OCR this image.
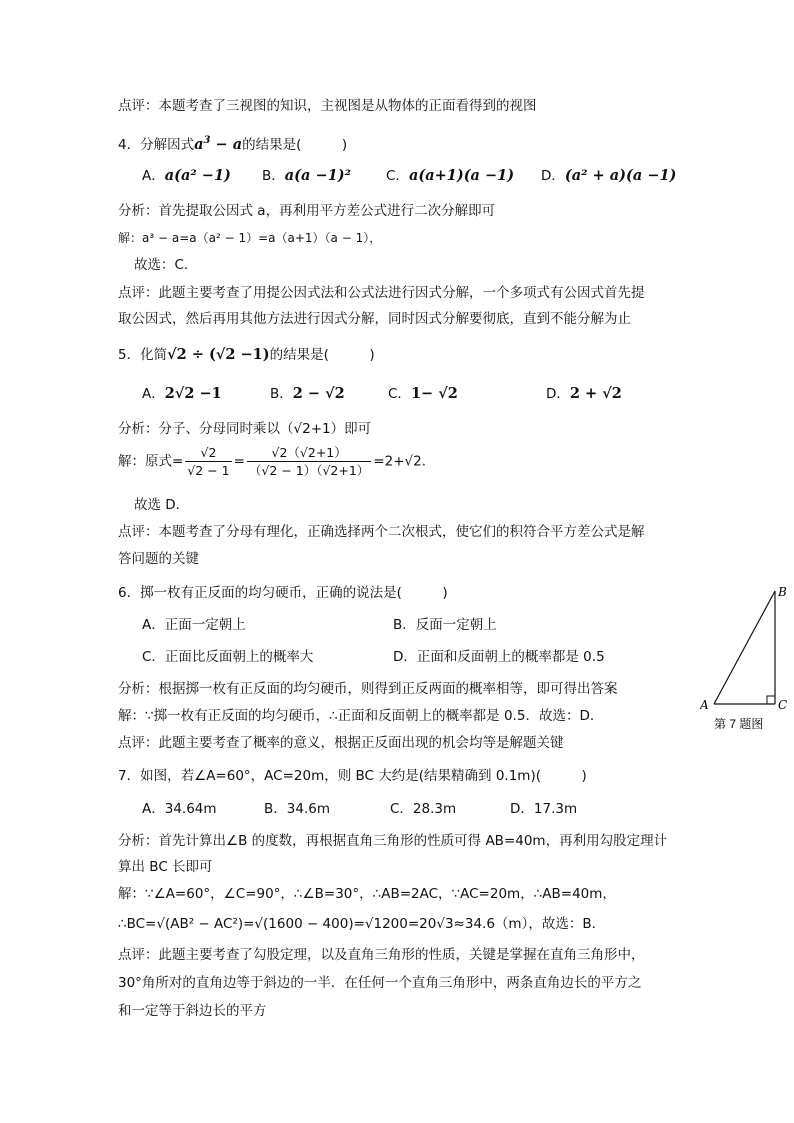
点评：本题考查了三视图的知识，主视图是从物体的正面看得到的视图
4．分解因式$a^3 - a$的结果是(　　　)
A．a(a² −1) B．a(a −1)²	C．a(a+1)(a −1) D．(a² + a)(a −1)
分析：首先提取公因式 a，再利用平方差公式进行二次分解即可
解：a³ − a=a（a² − 1）=a（a+1）（a − 1），
故选：C．
点评：此题主要考查了用提公因式法和公式法进行因式分解，一个多项式有公因式首先提
取公因式，然后再用其他方法进行因式分解，同时因式分解要彻底，直到不能分解为止
5．化简√2 ÷ (√2 −1)的结果是(　　　)
A．2√2 −1	B．2 − √2	C．1− √2	D．2 + √2
分析：分子、分母同时乘以（√2+1）即可
解：原式= $\frac{√2}{√2 - 1} = \frac{√2(√2+1)}{(√2 - 1)(√2+1)} =2+√2$.
故选 D．
点评：本题考查了分母有理化，正确选择两个二次根式，使它们的积符合平方差公式是解
答问题的关键
6．掷一枚有正反面的均匀硬币，正确的说法是(　　　)
A．正面一定朝上	B．反面一定朝上
C．正面比反面朝上的概率大	D．正面和反面朝上的概率都是 0.5
分析：根据掷一枚有正反面的均匀硬币，则得到正反两面的概率相等，即可得出答案
解：∵掷一枚有正反面的均匀硬币，∴正面和反面朝上的概率都是 0.5．故选：D．
点评：此题主要考查了概率的意义，根据正反面出现的机会均等是解题关键
7．如图，若∠A=60°，AC=20m，则 BC 大约是(结果精确到 0.1m)(　　　)
A．34.64m	B．34.6m	C．28.3m	D．17.3m
分析：首先计算出∠B 的度数，再根据直角三角形的性质可得 AB=40m，再利用勾股定理计
算出 BC 长即可
解：∵∠A=60°，∠C=90°，∴∠B=30°，∴AB=2AC，∵AC=20m，∴AB=40m，
∴BC=√(AB² − AC²)=√(1600 − 400)=√1200=20√3≈34.6（m），故选：B．
点评：此题主要考查了勾股定理，以及直角三角形的性质，关键是掌握在直角三角形中，
30°角所对的直角边等于斜边的一半．在任何一个直角三角形中，两条直角边长的平方之
和一定等于斜边长的平方
A
B
C
第 7 题图
